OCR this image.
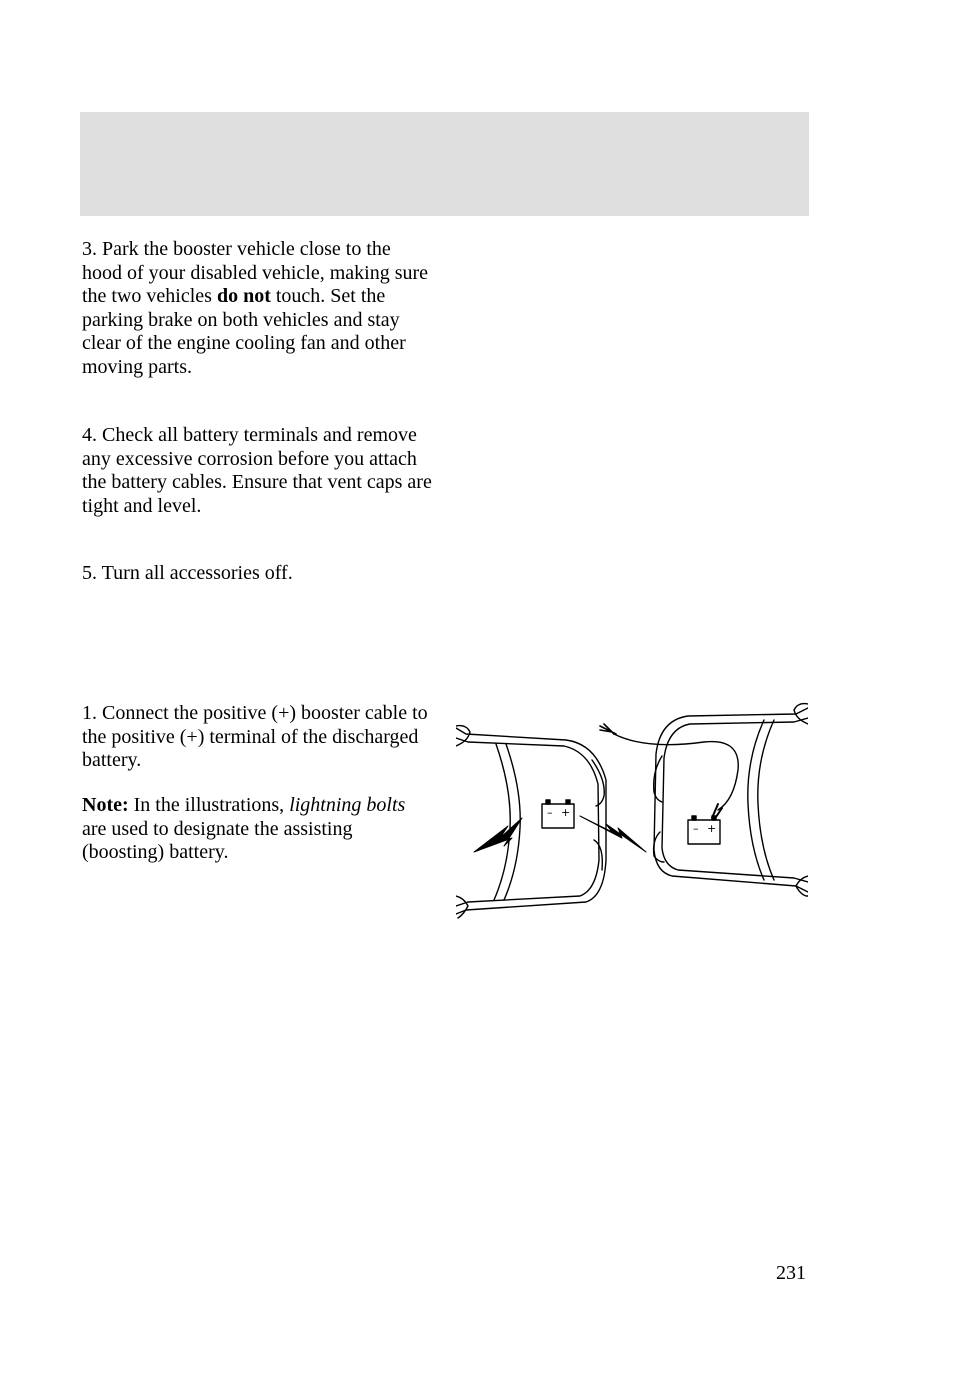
3. Park the booster vehicle close to the hood of your disabled vehicle, making sure the two vehicles do not touch. Set the parking brake on both vehicles and stay clear of the engine cooling fan and other moving parts.

4. Check all battery terminals and remove any excessive corrosion before you attach the battery cables. Ensure that vent caps are tight and level.

5. Turn all accessories off.

1. Connect the positive (+) booster cable to the positive (+) terminal of the discharged battery.

Note: In the illustrations, lightning bolts are used to designate the assisting (boosting) battery.

– +
– +
231
